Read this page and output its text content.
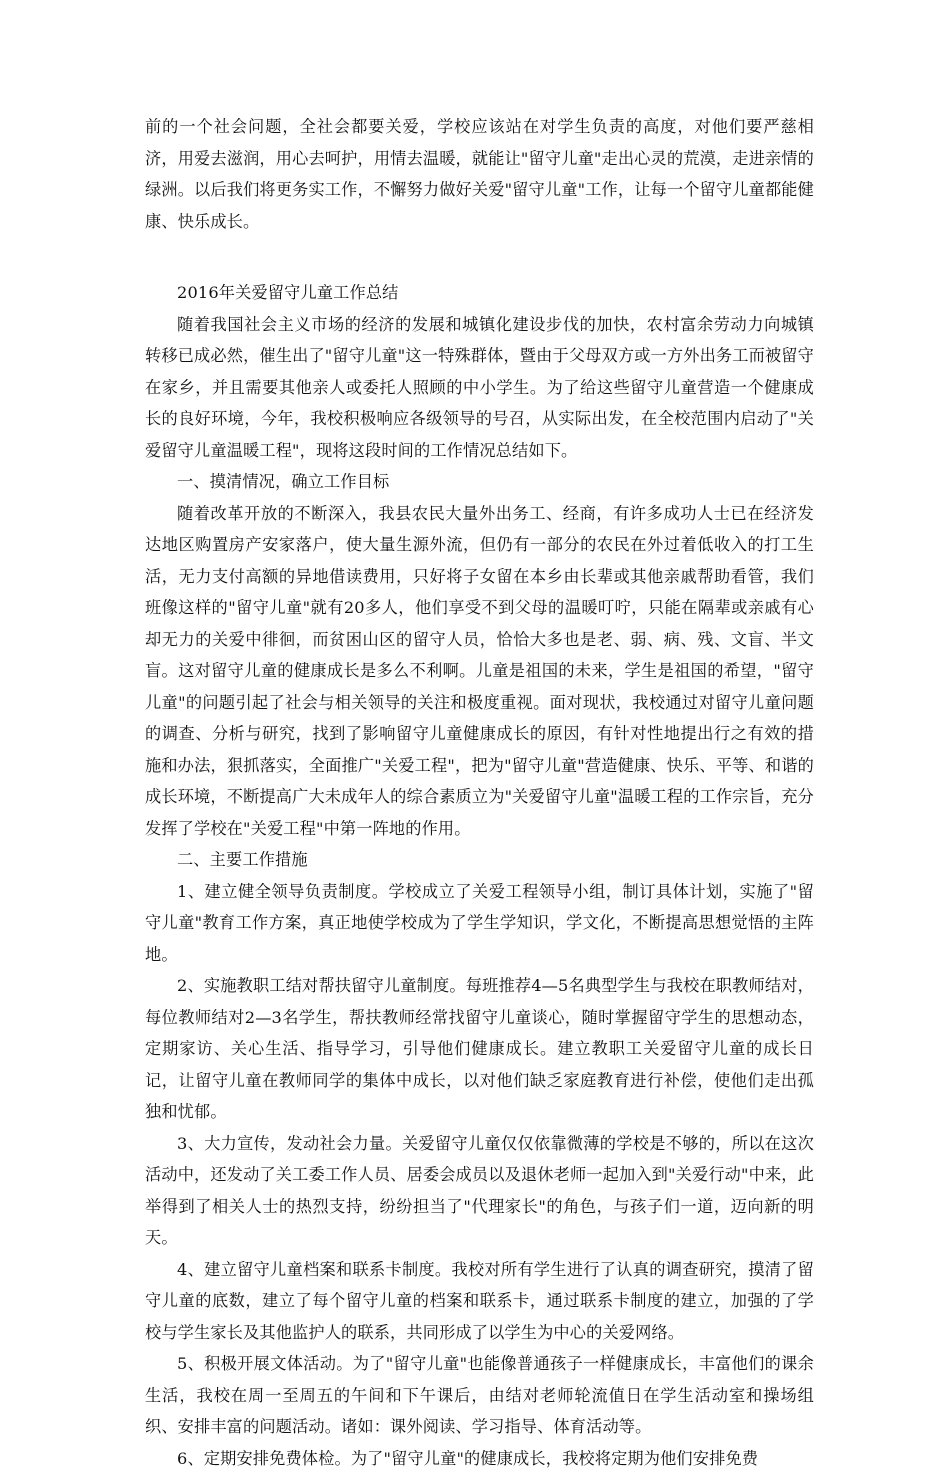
前的一个社会问题，全社会都要关爱，学校应该站在对学生负责的高度，对他们要严慈相济，用爱去滋润，用心去呵护，用情去温暖，就能让"留守儿童"走出心灵的荒漠，走进亲情的绿洲。以后我们将更务实工作，不懈努力做好关爱"留守儿童"工作，让每一个留守儿童都能健康、快乐成长。

2016年关爱留守儿童工作总结

随着我国社会主义市场的经济的发展和城镇化建设步伐的加快，农村富余劳动力向城镇转移已成必然，催生出了"留守儿童"这一特殊群体，暨由于父母双方或一方外出务工而被留守在家乡，并且需要其他亲人或委托人照顾的中小学生。为了给这些留守儿童营造一个健康成长的良好环境，今年，我校积极响应各级领导的号召，从实际出发，在全校范围内启动了"关爱留守儿童温暖工程"，现将这段时间的工作情况总结如下。

一、摸清情况，确立工作目标

随着改革开放的不断深入，我县农民大量外出务工、经商，有许多成功人士已在经济发达地区购置房产安家落户，使大量生源外流，但仍有一部分的农民在外过着低收入的打工生活，无力支付高额的异地借读费用，只好将子女留在本乡由长辈或其他亲戚帮助看管，我们班像这样的"留守儿童"就有20多人，他们享受不到父母的温暖叮咛，只能在隔辈或亲戚有心却无力的关爱中徘徊，而贫困山区的留守人员，恰恰大多也是老、弱、病、残、文盲、半文盲。这对留守儿童的健康成长是多么不利啊。儿童是祖国的未来，学生是祖国的希望，"留守儿童"的问题引起了社会与相关领导的关注和极度重视。面对现状，我校通过对留守儿童问题的调查、分析与研究，找到了影响留守儿童健康成长的原因，有针对性地提出行之有效的措施和办法，狠抓落实，全面推广"关爱工程"，把为"留守儿童"营造健康、快乐、平等、和谐的成长环境，不断提高广大未成年人的综合素质立为"关爱留守儿童"温暖工程的工作宗旨，充分发挥了学校在"关爱工程"中第一阵地的作用。

二、主要工作措施

1、建立健全领导负责制度。学校成立了关爱工程领导小组，制订具体计划，实施了"留守儿童"教育工作方案，真正地使学校成为了学生学知识，学文化，不断提高思想觉悟的主阵地。

2、实施教职工结对帮扶留守儿童制度。每班推荐4—5名典型学生与我校在职教师结对，每位教师结对2—3名学生，帮扶教师经常找留守儿童谈心，随时掌握留守学生的思想动态，定期家访、关心生活、指导学习，引导他们健康成长。建立教职工关爱留守儿童的成长日记，让留守儿童在教师同学的集体中成长，以对他们缺乏家庭教育进行补偿，使他们走出孤独和忧郁。

3、大力宣传，发动社会力量。关爱留守儿童仅仅依靠微薄的学校是不够的，所以在这次活动中，还发动了关工委工作人员、居委会成员以及退休老师一起加入到"关爱行动"中来，此举得到了相关人士的热烈支持，纷纷担当了"代理家长"的角色，与孩子们一道，迈向新的明天。

4、建立留守儿童档案和联系卡制度。我校对所有学生进行了认真的调查研究，摸清了留守儿童的底数，建立了每个留守儿童的档案和联系卡，通过联系卡制度的建立，加强的了学校与学生家长及其他监护人的联系，共同形成了以学生为中心的关爱网络。

5、积极开展文体活动。为了"留守儿童"也能像普通孩子一样健康成长，丰富他们的课余生活，我校在周一至周五的午间和下午课后，由结对老师轮流值日在学生活动室和操场组织、安排丰富的问题活动。诸如：课外阅读、学习指导、体育活动等。

6、定期安排免费体检。为了"留守儿童"的健康成长，我校将定期为他们安排免费
